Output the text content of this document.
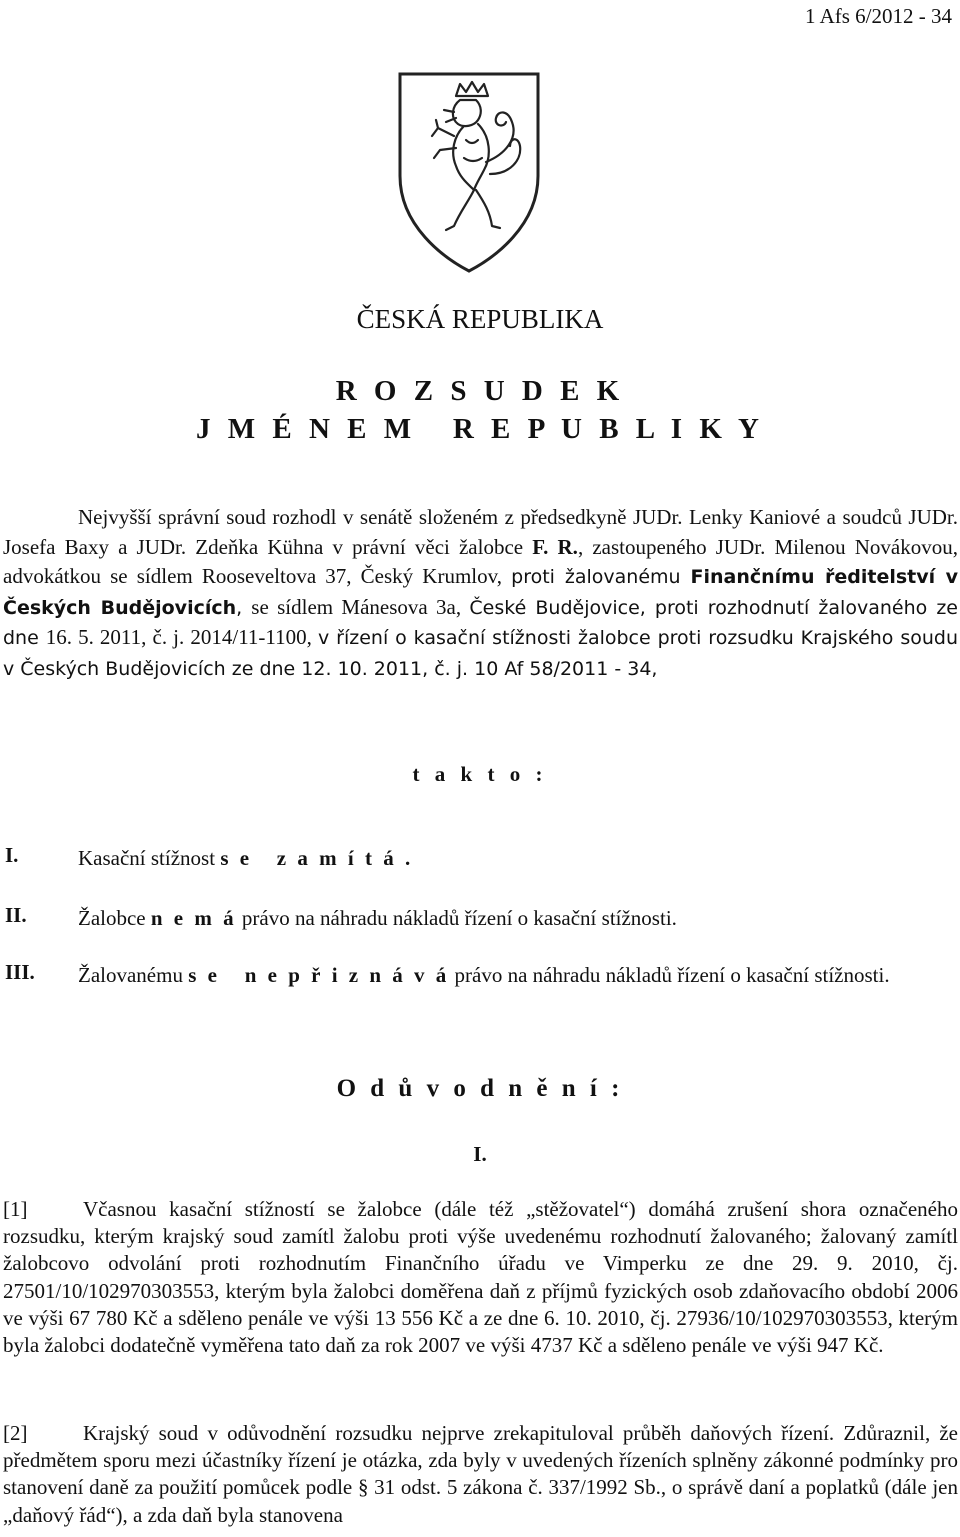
1 Afs 6/2012 - 34
ČESKÁ REPUBLIKA
R O Z S U D E K
J M É N E M   R E P U B L I K Y
Nejvyšší správní soud rozhodl v senátě složeném z předsedkyně JUDr. Lenky Kaniové a soudců JUDr. Josefa Baxy a JUDr. Zdeňka Kühna v právní věci žalobce F. R., zastoupeného JUDr. Milenou Novákovou, advokátkou se sídlem Rooseveltova 37, Český Krumlov, proti žalovanému Finančnímu ředitelství v Českých Budějovicích, se sídlem Mánesova 3a, České Budějovice, proti rozhodnutí žalovaného ze dne 16. 5. 2011, č. j. 2014/11-1100, v řízení o kasační stížnosti žalobce proti rozsudku Krajského soudu v Českých Budějovicích ze dne 12. 10. 2011, č. j. 10 Af 58/2011 - 34,
t a k t o :
I.	Kasační stížnost s e   z a m í t á .
II. Žalobce n e m á právo na náhradu nákladů řízení o kasační stížnosti.
III. Žalovanému s e   n e p ř i z n á v á právo na náhradu nákladů řízení o kasační stížnosti.
O d ů v o d n ě n í :
I.
[1]	Včasnou kasační stížností se žalobce (dále též „stěžovatel“) domáhá zrušení shora označeného rozsudku, kterým krajský soud zamítl žalobu proti výše uvedenému rozhodnutí žalovaného; žalovaný zamítl žalobcovo odvolání proti rozhodnutím Finančního úřadu ve Vimperku ze dne 29. 9. 2010, čj. 27501/10/102970303553, kterým byla žalobci doměřena daň z příjmů fyzických osob zdaňovacího období 2006 ve výši 67 780 Kč a sděleno penále ve výši 13 556 Kč a ze dne 6. 10. 2010, čj. 27936/10/102970303553, kterým byla žalobci dodatečně vyměřena tato daň za rok 2007 ve výši 4737 Kč a sděleno penále ve výši 947 Kč.
[2]	Krajský soud v odůvodnění rozsudku nejprve zrekapituloval průběh daňových řízení. Zdůraznil, že předmětem sporu mezi účastníky řízení je otázka, zda byly v uvedených řízeních splněny zákonné podmínky pro stanovení daně za použití pomůcek podle § 31 odst. 5 zákona č. 337/1992 Sb., o správě daní a poplatků (dále jen „daňový řád“), a zda daň byla stanovena
